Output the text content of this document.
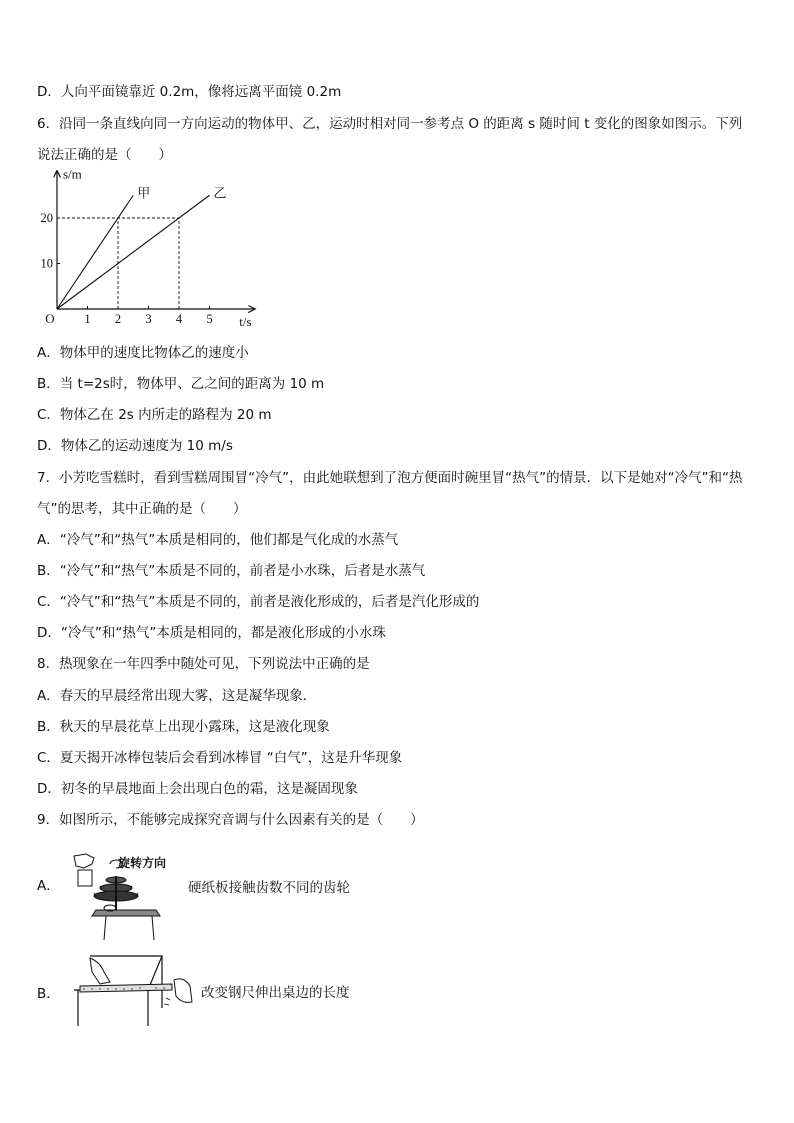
D．人向平面镜靠近 0.2m，像将远离平面镜 0.2m
6．沿同一条直线向同一方向运动的物体甲、乙，运动时相对同一参考点 O 的距离 s 随时间 t 变化的图象如图示。下列
说法正确的是（　　）
s/m
t/s
O 1 2 3 4 5
10
20
甲	乙
A．物体甲的速度比物体乙的速度小
B．当 t=2s时，物体甲、乙之间的距离为 10 m
C．物体乙在 2s 内所走的路程为 20 m
D．物体乙的运动速度为 10 m/s
7．小芳吃雪糕时，看到雪糕周围冒“冷气”，由此她联想到了泡方便面时碗里冒“热气”的情景．以下是她对“冷气”和“热
气”的思考，其中正确的是（　　）
A．“冷气”和“热气”本质是相同的，他们都是气化成的水蒸气
B．“冷气”和“热气”本质是不同的，前者是小水珠，后者是水蒸气
C．“冷气”和“热气”本质是不同的，前者是液化形成的，后者是汽化形成的
D．“冷气”和“热气”本质是相同的，都是液化形成的小水珠
8．热现象在一年四季中随处可见，下列说法中正确的是
A．春天的早晨经常出现大雾，这是凝华现象．
B．秋天的早晨花草上出现小露珠，这是液化现象
C．夏天揭开冰棒包装后会看到冰棒冒 “白气”，这是升华现象
D．初冬的早晨地面上会出现白色的霜，这是凝固现象
9．如图所示，不能够完成探究音调与什么因素有关的是（　　）
A．
旋转方向
硬纸板接触齿数不同的齿轮
B．	改变钢尺伸出桌边的长度
